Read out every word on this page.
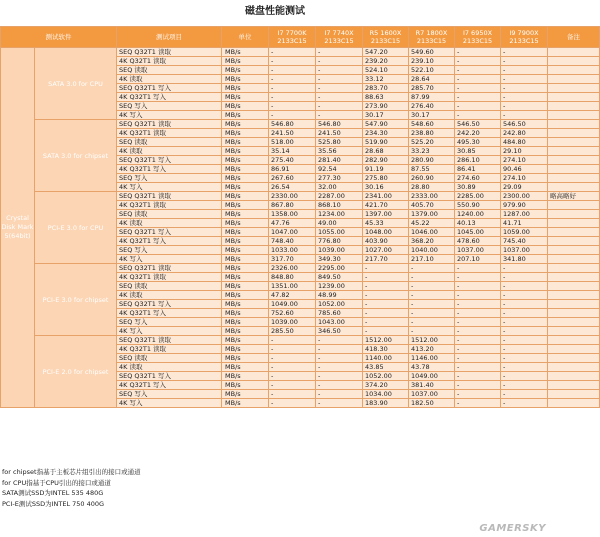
磁盘性能测试
测试软件		测试项目	单位	I7 7700K 2133C15	I7 7740X 2133C15	R5 1600X 2133C15	R7 1800X 2133C15	I7 6950X 2133C15	I9 7900X 2133C15	备注
Crystal Disk Mark 5(64bit)	SATA 3.0 for CPU	SEQ Q32T1 读取	MB/s	-	-	547.20	549.60	-	-	
		4K Q32T1 读取	MB/s	-	-	239.20	239.10	-	-	
		SEQ 读取	MB/s	-	-	524.10	522.10	-	-	
		4K 读取	MB/s	-	-	33.12	28.64	-	-	
		SEQ Q32T1 写入	MB/s	-	-	283.70	285.70	-	-	
		4K Q32T1 写入	MB/s	-	-	88.63	87.99	-	-	
		SEQ 写入	MB/s	-	-	273.90	276.40	-	-	
		4K 写入	MB/s	-	-	30.17	30.17	-	-	
	SATA 3.0 for chipset	SEQ Q32T1 读取	MB/s	546.80	546.80	547.90	548.60	546.50	546.50	
		4K Q32T1 读取	MB/s	241.50	241.50	234.30	238.80	242.20	242.80	
		SEQ 读取	MB/s	518.00	525.80	519.90	525.20	495.30	484.80	
		4K 读取	MB/s	35.14	35.56	28.68	33.23	30.85	29.10	
		SEQ Q32T1 写入	MB/s	275.40	281.40	282.90	280.90	286.10	274.10	
		4K Q32T1 写入	MB/s	86.91	92.54	91.19	87.55	86.41	90.46	
		SEQ 写入	MB/s	267.60	277.30	275.80	260.90	274.60	274.10	
		4K 写入	MB/s	26.54	32.00	30.16	28.80	30.89	29.09	
	PCI-E 3.0 for CPU	SEQ Q32T1 读取	MB/s	2330.00	2287.00	2341.00	2333.00	2285.00	2300.00	略高略好
		4K Q32T1 读取	MB/s	867.80	868.10	421.70	405.70	550.90	979.90	
		SEQ 读取	MB/s	1358.00	1234.00	1397.00	1379.00	1240.00	1287.00	
		4K 读取	MB/s	47.76	49.00	45.33	45.22	40.13	41.71	
		SEQ Q32T1 写入	MB/s	1047.00	1055.00	1048.00	1046.00	1045.00	1059.00	
		4K Q32T1 写入	MB/s	748.40	776.80	403.90	368.20	478.60	745.40	
		SEQ 写入	MB/s	1033.00	1039.00	1027.00	1040.00	1037.00	1037.00	
		4K 写入	MB/s	317.70	349.30	217.70	217.10	207.10	341.80	
	PCI-E 3.0 for chipset	SEQ Q32T1 读取	MB/s	2326.00	2295.00	-	-	-	-	
		4K Q32T1 读取	MB/s	848.80	849.50	-	-	-	-	
		SEQ 读取	MB/s	1351.00	1239.00	-	-	-	-	
		4K 读取	MB/s	47.82	48.99	-	-	-	-	
		SEQ Q32T1 写入	MB/s	1049.00	1052.00	-	-	-	-	
		4K Q32T1 写入	MB/s	752.60	785.60	-	-	-	-	
		SEQ 写入	MB/s	1039.00	1043.00	-	-	-	-	
		4K 写入	MB/s	285.50	346.50	-	-	-	-	
	PCI-E 2.0 for chipset	SEQ Q32T1 读取	MB/s	-	-	1512.00	1512.00	-	-	
		4K Q32T1 读取	MB/s	-	-	418.30	413.20	-	-	
		SEQ 读取	MB/s	-	-	1140.00	1146.00	-	-	
		4K 读取	MB/s	-	-	43.85	43.78	-	-	
		SEQ Q32T1 写入	MB/s	-	-	1052.00	1049.00	-	-	
		4K Q32T1 写入	MB/s	-	-	374.20	381.40	-	-	
		SEQ 写入	MB/s	-	-	1034.00	1037.00	-	-	
		4K 写入	MB/s	-	-	183.90	182.50	-	-	
for chipset指基于主板芯片组引出的接口或通道
for CPU指基于CPU引出的接口或通道
SATA测试SSD为INTEL 535 480G
PCI-E测试SSD为INTEL 750 400G
GAMERSKY
